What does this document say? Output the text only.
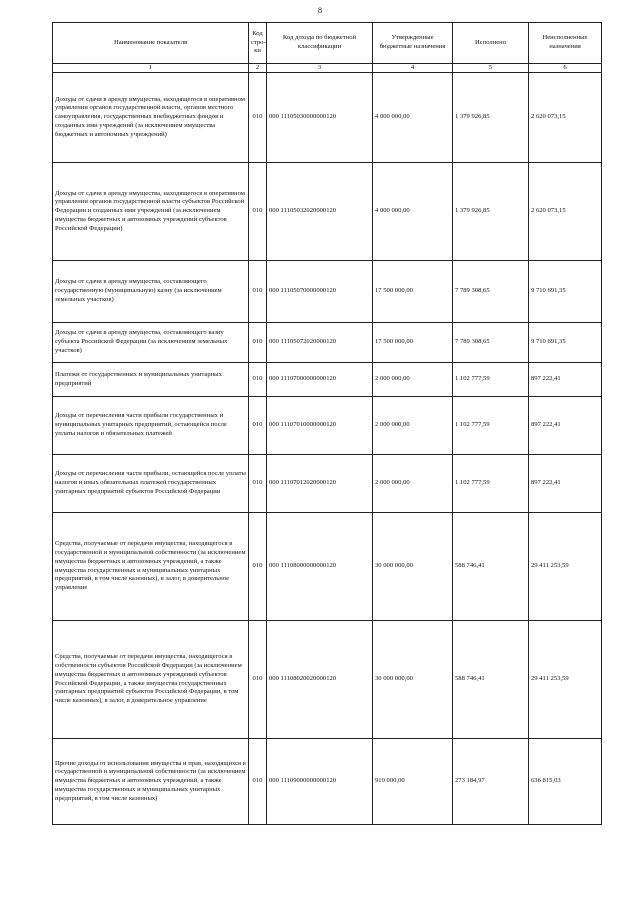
8
Наименование показателя	Код стро-ки	Код дохода по бюджетной классификации	Утвержденные бюджетные назначения	Исполнено	Неисполненные назначения
1	2	3	4	5	6
Доходы от сдачи в аренду имущества, находящегося в оперативном управлении органов государственной власти, органов местного самоуправления, государственных внебюджетных фондов и созданных ими учреждений (за исключением имущества бюджетных и автономных учреждений)	010	000 11105030000000120	4 000 000,00	1 379 926,85	2 620 073,15
Доходы от сдачи в аренду имущества, находящегося в оперативном управлении органов государственной власти субъектов Российской Федерации и созданных ими учреждений (за исключением имущества бюджетных и автономных учреждений субъектов Российской Федерации)	010	000 11105032020000120	4 000 000,00	1 379 926,85	2 620 073,15
Доходы от сдачи в аренду имущества, составляющего государственную (муниципальную) казну (за исключением земельных участков)	010	000 11105070000000120	17 500 000,00	7 789 308,65	9 710 691,35
Доходы от сдачи в аренду имущества, составляющего казну субъекта Российской Федерации (за исключением земельных участков)	010	000 11105072020000120	17 500 000,00	7 789 308,65	9 710 691,35
Платежи от государственных и муниципальных унитарных предприятий	010	000 11107000000000120	2 000 000,00	1 102 777,59	897 222,41
Доходы от перечисления части прибыли государственных и муниципальных унитарных предприятий, остающейся после уплаты налогов и обязательных платежей	010	000 11107010000000120	2 000 000,00	1 102 777,59	897 222,41
Доходы от перечисления части прибыли, остающейся после уплаты налогов и иных обязательных платежей государственных унитарных предприятий субъектов Российской Федерации	010	000 11107012020000120	2 000 000,00	1 102 777,59	897 222,41
Средства, получаемые от передачи имущества, находящегося в государственной и муниципальной собственности (за исключением имущества бюджетных и автономных учреждений, а также имущества государственных и муниципальных унитарных предприятий, в том числе казенных), в залог, в доверительное управление	010	000 11108000000000120	30 000 000,00	588 746,41	29 411 253,59
Средства, получаемые от передачи имущества, находящегося в собственности субъектов Российской Федерации (за исключением имущества бюджетных и автономных учреждений субъектов Российской Федерации, а также имущества государственных унитарных предприятий субъектов Российской Федерации, в том числе казенных), в залог, в доверительное управление	010	000 11108020020000120	30 000 000,00	588 746,41	29 411 253,59
Прочие доходы от использования имущества и прав, находящихся в государственной и муниципальной собственности (за исключением имущества бюджетных и автономных учреждений, а также имущества государственных и муниципальных унитарных предприятий, в том числе казенных)	010	000 11109000000000120	910 000,00	273 184,97	636 815,03
